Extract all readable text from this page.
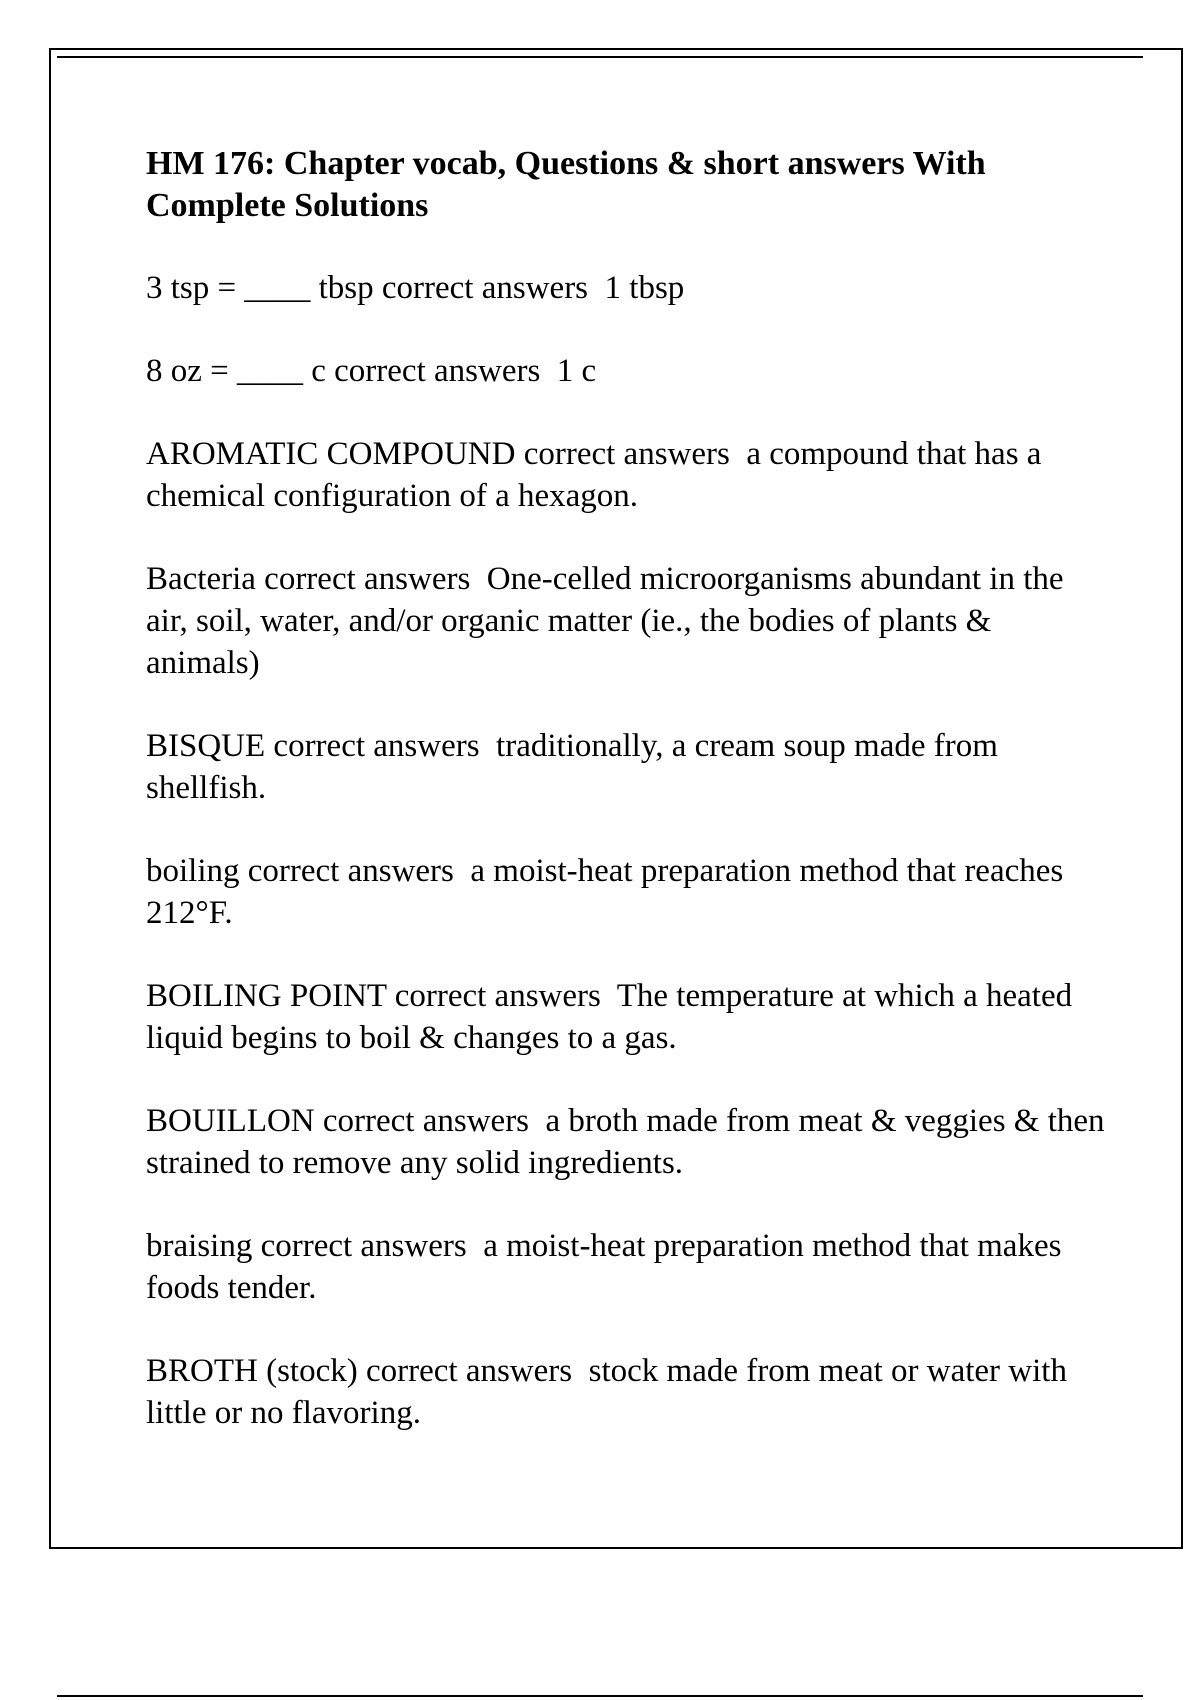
HM 176: Chapter vocab, Questions & short answers With Complete Solutions

3 tsp = ____ tbsp correct answers  1 tbsp

8 oz = ____ c correct answers  1 c

AROMATIC COMPOUND correct answers  a compound that has a chemical configuration of a hexagon.

Bacteria correct answers  One-celled microorganisms abundant in the air, soil, water, and/or organic matter (ie., the bodies of plants & animals)

BISQUE correct answers  traditionally, a cream soup made from shellfish.

boiling correct answers  a moist-heat preparation method that reaches 212°F.

BOILING POINT correct answers  The temperature at which a heated liquid begins to boil & changes to a gas.

BOUILLON correct answers  a broth made from meat & veggies & then strained to remove any solid ingredients.

braising correct answers  a moist-heat preparation method that makes foods tender.

BROTH (stock) correct answers  stock made from meat or water with little or no flavoring.
